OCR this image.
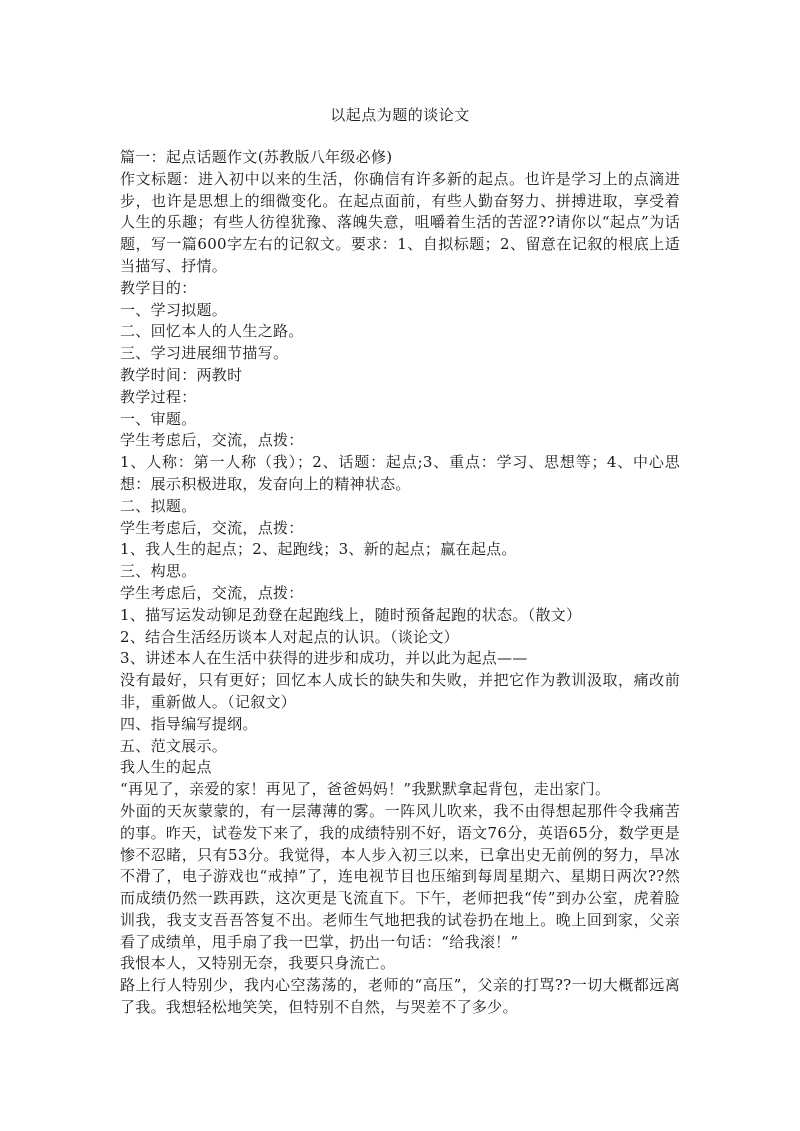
以起点为题的谈论文

篇一：起点话题作文(苏教版八年级必修)

作文标题：进入初中以来的生活，你确信有许多新的起点。也许是学习上的点滴进步，也许是思想上的细微变化。在起点面前，有些人勤奋努力、拼搏进取，享受着人生的乐趣；有些人彷徨犹豫、落魄失意，咀嚼着生活的苦涩??请你以“起点”为话题，写一篇600字左右的记叙文。要求：1、自拟标题；2、留意在记叙的根底上适当描写、抒情。

教学目的：

一、学习拟题。

二、回忆本人的人生之路。

三、学习进展细节描写。

教学时间：两教时

教学过程：

一、审题。

学生考虑后，交流，点拨：

1、人称：第一人称（我）；2、话题：起点;3、重点：学习、思想等；4、中心思想：展示积极进取，发奋向上的精神状态。

二、拟题。

学生考虑后，交流，点拨：

1、我人生的起点；2、起跑线；3、新的起点；赢在起点。

三、构思。

学生考虑后，交流，点拨：

1、描写运发动铆足劲登在起跑线上，随时预备起跑的状态。（散文）

2、结合生活经历谈本人对起点的认识。（谈论文）

3、讲述本人在生活中获得的进步和成功，并以此为起点——

没有最好，只有更好；回忆本人成长的缺失和失败，并把它作为教训汲取，痛改前非，重新做人。（记叙文）

四、指导编写提纲。

五、范文展示。

我人生的起点

“再见了，亲爱的家！再见了，爸爸妈妈！”我默默拿起背包，走出家门。

外面的天灰蒙蒙的，有一层薄薄的雾。一阵风儿吹来，我不由得想起那件令我痛苦的事。昨天，试卷发下来了，我的成绩特别不好，语文76分，英语65分，数学更是惨不忍睹，只有53分。我觉得，本人步入初三以来，已拿出史无前例的努力，旱冰不滑了，电子游戏也“戒掉”了，连电视节目也压缩到每周星期六、星期日两次??然而成绩仍然一跌再跌，这次更是飞流直下。下午，老师把我“传”到办公室，虎着脸训我，我支支吾吾答复不出。老师生气地把我的试卷扔在地上。晚上回到家，父亲看了成绩单，甩手扇了我一巴掌，扔出一句话：“给我滚！”

我恨本人，又特别无奈，我要只身流亡。

路上行人特别少，我内心空荡荡的，老师的“高压”，父亲的打骂??一切大概都远离了我。我想轻松地笑笑，但特别不自然，与哭差不了多少。
